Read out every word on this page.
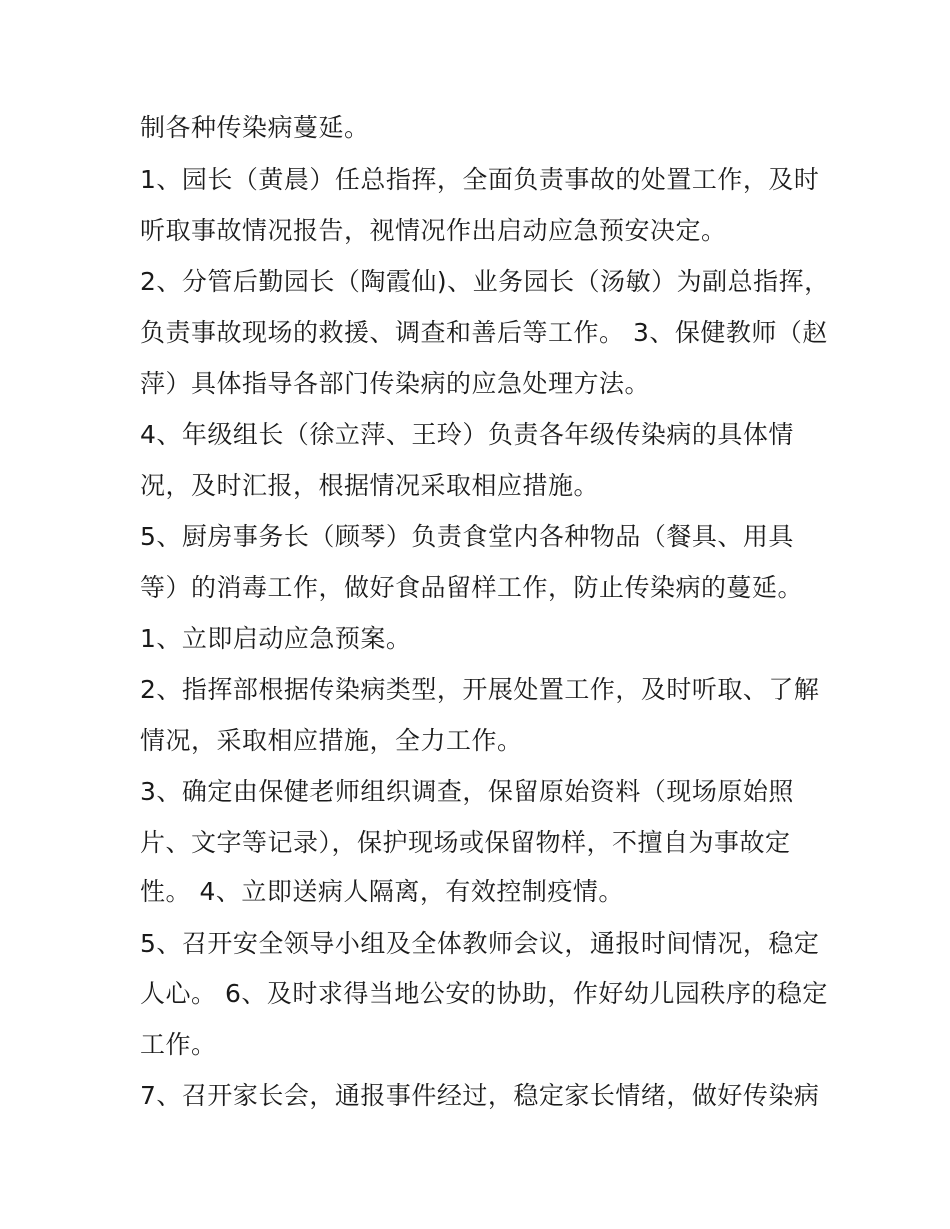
制各种传染病蔓延。
1、园长（黄晨）任总指挥，全面负责事故的处置工作，及时
听取事故情况报告，视情况作出启动应急预安决定。
2、分管后勤园长（陶霞仙)、业务园长（汤敏）为副总指挥，
负责事故现场的救援、调查和善后等工作。 3、保健教师（赵
萍）具体指导各部门传染病的应急处理方法。
4、年级组长（徐立萍、王玲）负责各年级传染病的具体情
况，及时汇报，根据情况采取相应措施。
5、厨房事务长（顾琴）负责食堂内各种物品（餐具、用具
等）的消毒工作，做好食品留样工作，防止传染病的蔓延。
1、立即启动应急预案。
2、指挥部根据传染病类型，开展处置工作，及时听取、了解
情况，采取相应措施，全力工作。
3、确定由保健老师组织调查，保留原始资料（现场原始照
片、文字等记录），保护现场或保留物样，不擅自为事故定
性。 4、立即送病人隔离，有效控制疫情。
5、召开安全领导小组及全体教师会议，通报时间情况，稳定
人心。 6、及时求得当地公安的协助，作好幼儿园秩序的稳定
工作。
7、召开家长会，通报事件经过，稳定家长情绪，做好传染病
